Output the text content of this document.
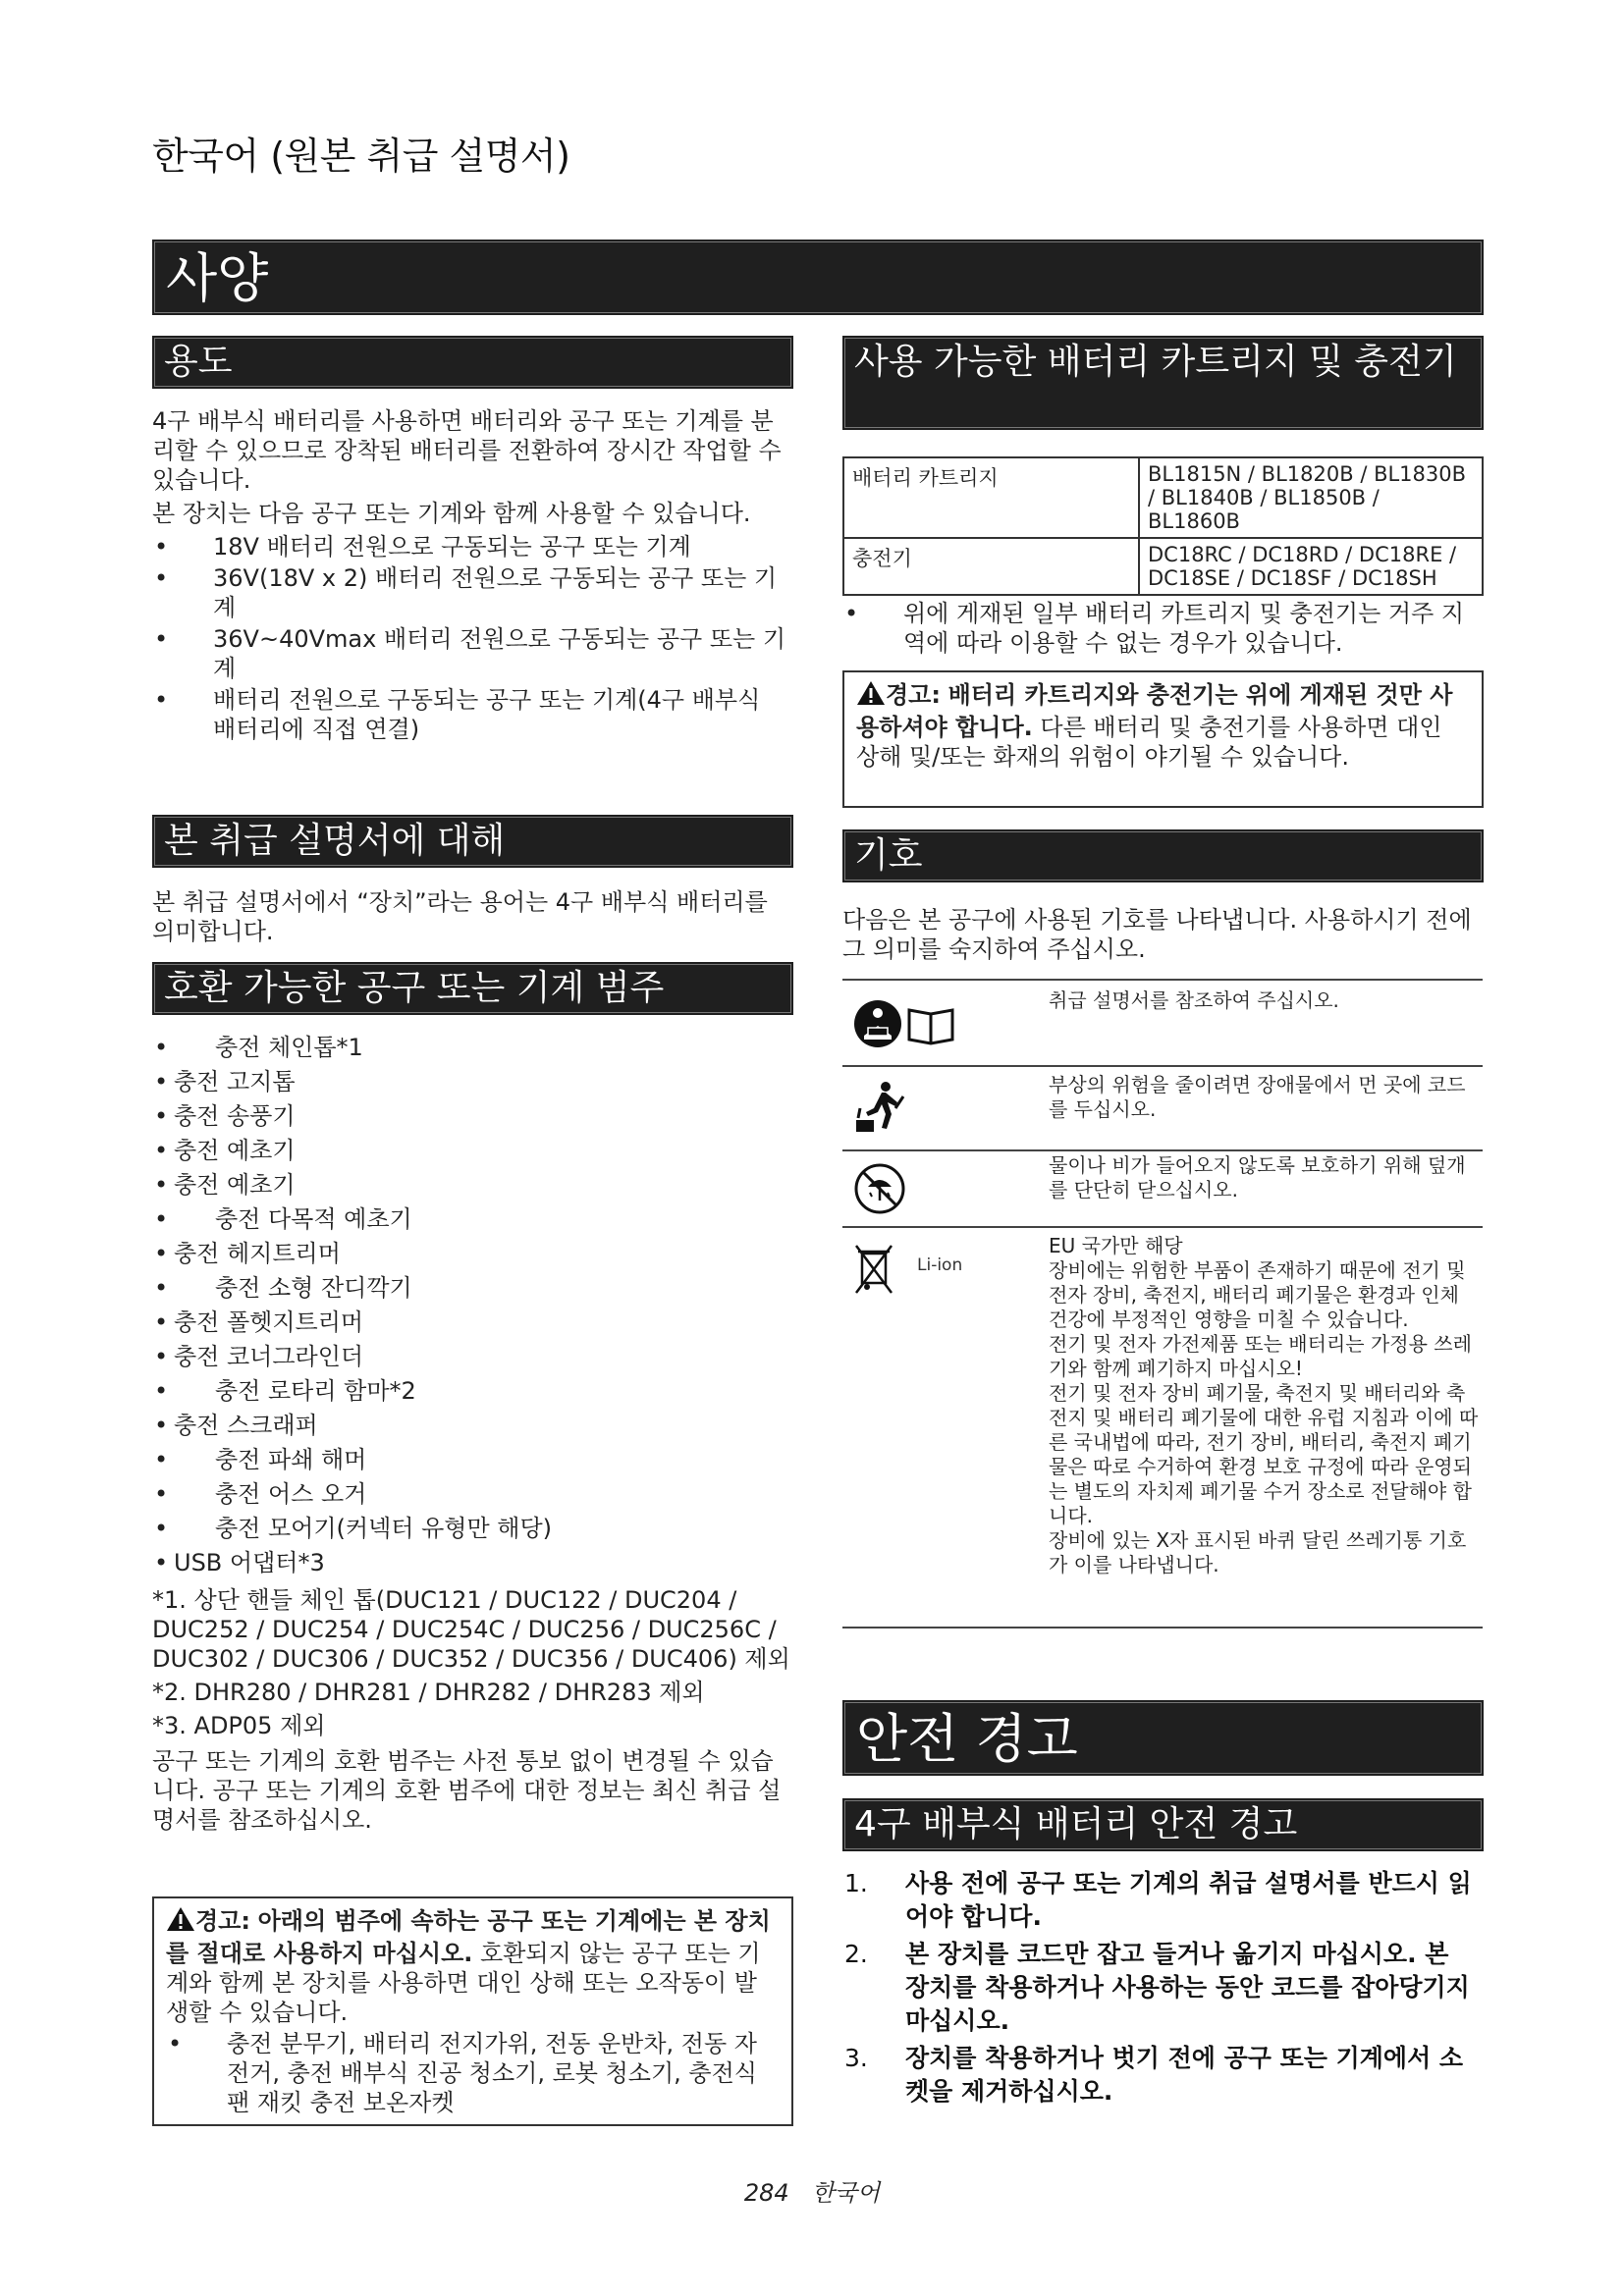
한국어 (원본 취급 설명서)
사양
용도

4구 배부식 배터리를 사용하면 배터리와 공구 또는 기계를 분리할 수 있으므로 장착된 배터리를 전환하여 장시간 작업할 수 있습니다.

본 장치는 다음 공구 또는 기계와 함께 사용할 수 있습니다.

• 18V 배터리 전원으로 구동되는 공구 또는 기계
• 36V(18V x 2) 배터리 전원으로 구동되는 공구 또는 기계
• 36V~40Vmax 배터리 전원으로 구동되는 공구 또는 기계
• 배터리 전원으로 구동되는 공구 또는 기계(4구 배부식 배터리에 직접 연결)
본 취급 설명서에 대해
본 취급 설명서에서 “장치”라는 용어는 4구 배부식 배터리를 의미합니다.
호환 가능한 공구 또는 기계 범주
• 충전 체인톱*1
• 충전 고지톱
• 충전 송풍기
• 충전 예초기
• 충전 예초기
• 충전 다목적 예초기
• 충전 헤지트리머
• 충전 소형 잔디깍기
• 충전 폴헷지트리머
• 충전 코너그라인더
• 충전 로타리 함마*2
• 충전 스크래퍼
• 충전 파쇄 해머
• 충전 어스 오거
• 충전 모어기(커넥터 유형만 해당)
• USB 어댑터*3

*1. 상단 핸들 체인 톱(DUC121 / DUC122 / DUC204 / DUC252 / DUC254 / DUC254C / DUC256 / DUC256C / DUC302 / DUC306 / DUC352 / DUC356 / DUC406) 제외

*2. DHR280 / DHR281 / DHR282 / DHR283 제외

*3. ADP05 제외

공구 또는 기계의 호환 범주는 사전 통보 없이 변경될 수 있습니다. 공구 또는 기계의 호환 범주에 대한 정보는 최신 취급 설명서를 참조하십시오.

경고: 아래의 범주에 속하는 공구 또는 기계에는 본 장치를 절대로 사용하지 마십시오. 호환되지 않는 공구 또는 기계와 함께 본 장치를 사용하면 대인 상해 또는 오작동이 발생할 수 있습니다.

• 충전 분무기, 배터리 전지가위, 전동 운반차, 전동 자전거, 충전 배부식 진공 청소기, 로봇 청소기, 충전식 팬 재킷 충전 보온자켓
사용 가능한 배터리 카트리지 및 충전기
배터리 카트리지	BL1815N / BL1820B / BL1830B / BL1840B / BL1850B / BL1860B
충전기	DC18RC / DC18RD / DC18RE / DC18SE / DC18SF / DC18SH
• 위에 게재된 일부 배터리 카트리지 및 충전기는 거주 지역에 따라 이용할 수 없는 경우가 있습니다.

경고: 배터리 카트리지와 충전기는 위에 게재된 것만 사용하셔야 합니다. 다른 배터리 및 충전기를 사용하면 대인 상해 및/또는 화재의 위험이 야기될 수 있습니다.

기호
다음은 본 공구에 사용된 기호를 나타냅니다. 사용하시기 전에 그 의미를 숙지하여 주십시오.
취급 설명서를 참조하여 주십시오.
부상의 위험을 줄이려면 장애물에서 먼 곳에 코드를 두십시오.
물이나 비가 들어오지 않도록 보호하기 위해 덮개를 단단히 닫으십시오.
Li-ion
EU 국가만 해당
장비에는 위험한 부품이 존재하기 때문에 전기 및 전자 장비, 축전지, 배터리 폐기물은 환경과 인체 건강에 부정적인 영향을 미칠 수 있습니다.
전기 및 전자 가전제품 또는 배터리는 가정용 쓰레기와 함께 폐기하지 마십시오!
전기 및 전자 장비 폐기물, 축전지 및 배터리와 축전지 및 배터리 폐기물에 대한 유럽 지침과 이에 따른 국내법에 따라, 전기 장비, 배터리, 축전지 폐기물은 따로 수거하여 환경 보호 규정에 따라 운영되는 별도의 자치제 폐기물 수거 장소로 전달해야 합니다.
장비에 있는 X자 표시된 바퀴 달린 쓰레기통 기호가 이를 나타냅니다.
안전 경고
4구 배부식 배터리 안전 경고
1. 사용 전에 공구 또는 기계의 취급 설명서를 반드시 읽어야 합니다.
2. 본 장치를 코드만 잡고 들거나 옮기지 마십시오. 본 장치를 착용하거나 사용하는 동안 코드를 잡아당기지 마십시오.
3. 장치를 착용하거나 벗기 전에 공구 또는 기계에서 소켓을 제거하십시오.
284 한국어
